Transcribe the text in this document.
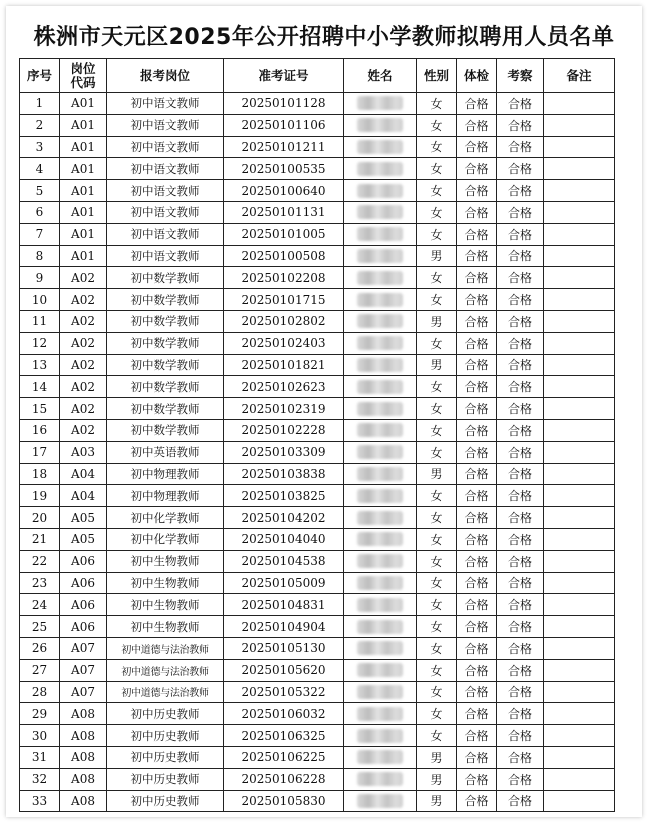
株洲市天元区2025年公开招聘中小学教师拟聘用人员名单
序号	岗位代码	报考岗位	准考证号	姓名	性别	体检	考察	备注
1	A01	初中语文教师	20250101128		女	合格	合格	
2	A01	初中语文教师	20250101106		女	合格	合格	
3	A01	初中语文教师	20250101211		女	合格	合格	
4	A01	初中语文教师	20250100535		女	合格	合格	
5	A01	初中语文教师	20250100640		女	合格	合格	
6	A01	初中语文教师	20250101131		女	合格	合格	
7	A01	初中语文教师	20250101005		女	合格	合格	
8	A01	初中语文教师	20250100508		男	合格	合格	
9	A02	初中数学教师	20250102208		女	合格	合格	
10	A02	初中数学教师	20250101715		女	合格	合格	
11	A02	初中数学教师	20250102802		男	合格	合格	
12	A02	初中数学教师	20250102403		女	合格	合格	
13	A02	初中数学教师	20250101821		男	合格	合格	
14	A02	初中数学教师	20250102623		女	合格	合格	
15	A02	初中数学教师	20250102319		女	合格	合格	
16	A02	初中数学教师	20250102228		女	合格	合格	
17	A03	初中英语教师	20250103309		女	合格	合格	
18	A04	初中物理教师	20250103838		男	合格	合格	
19	A04	初中物理教师	20250103825		女	合格	合格	
20	A05	初中化学教师	20250104202		女	合格	合格	
21	A05	初中化学教师	20250104040		女	合格	合格	
22	A06	初中生物教师	20250104538		女	合格	合格	
23	A06	初中生物教师	20250105009		女	合格	合格	
24	A06	初中生物教师	20250104831		女	合格	合格	
25	A06	初中生物教师	20250104904		女	合格	合格	
26	A07	初中道德与法治教师	20250105130		女	合格	合格	
27	A07	初中道德与法治教师	20250105620		女	合格	合格	
28	A07	初中道德与法治教师	20250105322		女	合格	合格	
29	A08	初中历史教师	20250106032		女	合格	合格	
30	A08	初中历史教师	20250106325		女	合格	合格	
31	A08	初中历史教师	20250106225		男	合格	合格	
32	A08	初中历史教师	20250106228		男	合格	合格	
33	A08	初中历史教师	20250105830		男	合格	合格	
